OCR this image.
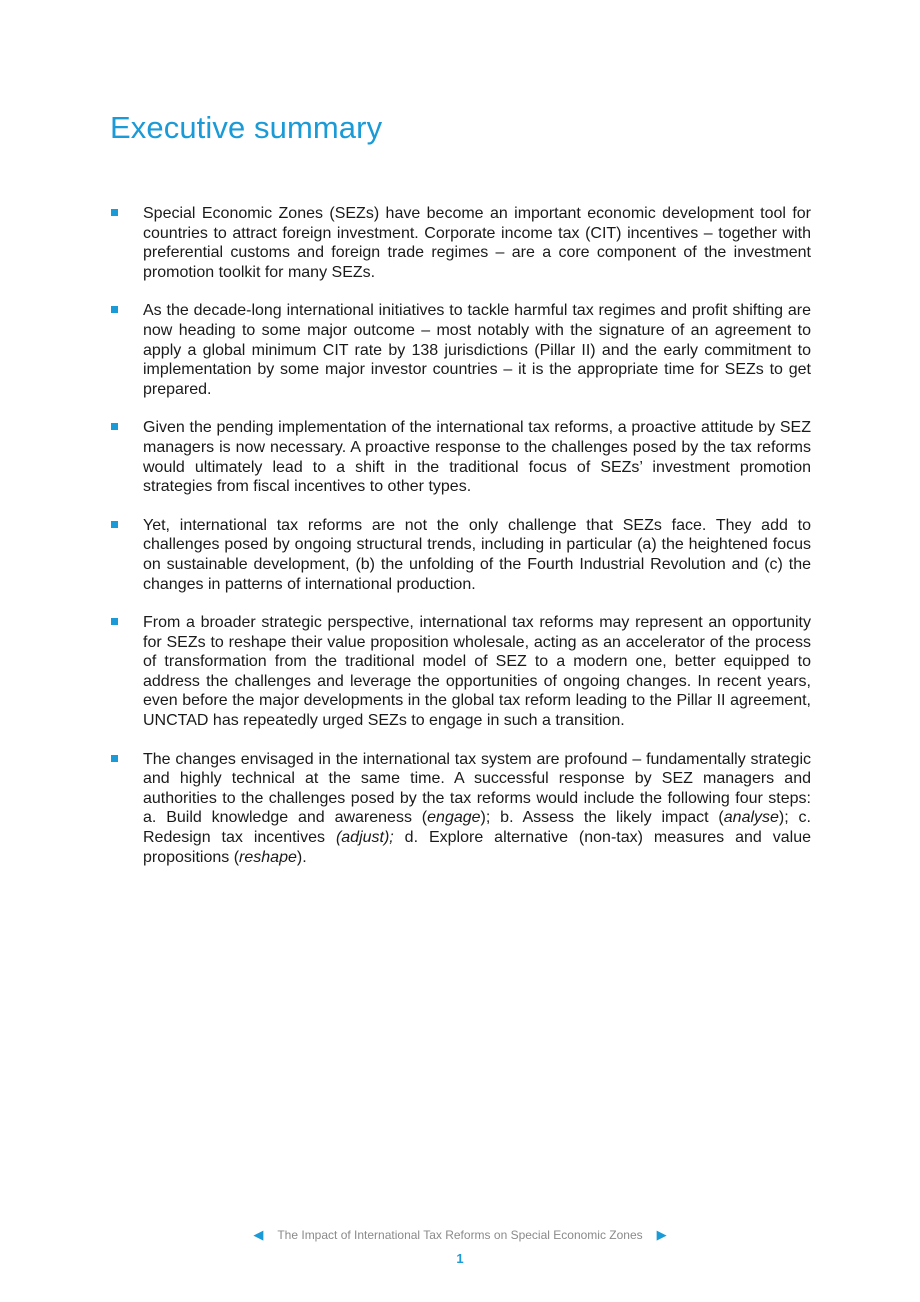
Executive summary
Special Economic Zones (SEZs) have become an important economic development tool for countries to attract foreign investment. Corporate income tax (CIT) incentives – together with preferential customs and foreign trade regimes – are a core component of the investment promotion toolkit for many SEZs.
As the decade-long international initiatives to tackle harmful tax regimes and profit shifting are now heading to some major outcome – most notably with the signature of an agreement to apply a global minimum CIT rate by 138 jurisdictions (Pillar II) and the early commitment to implementation by some major investor countries – it is the appropriate time for SEZs to get prepared.
Given the pending implementation of the international tax reforms, a proactive attitude by SEZ managers is now necessary. A proactive response to the challenges posed by the tax reforms would ultimately lead to a shift in the traditional focus of SEZs’ investment promotion strategies from fiscal incentives to other types.
Yet, international tax reforms are not the only challenge that SEZs face. They add to challenges posed by ongoing structural trends, including in particular (a) the heightened focus on sustainable development, (b) the unfolding of the Fourth Industrial Revolution and (c) the changes in patterns of international production.
From a broader strategic perspective, international tax reforms may represent an opportunity for SEZs to reshape their value proposition wholesale, acting as an accelerator of the process of transformation from the traditional model of SEZ to a modern one, better equipped to address the challenges and leverage the opportunities of ongoing changes. In recent years, even before the major developments in the global tax reform leading to the Pillar II agreement, UNCTAD has repeatedly urged SEZs to engage in such a transition.
The changes envisaged in the international tax system are profound – fundamentally strategic and highly technical at the same time. A successful response by SEZ managers and authorities to the challenges posed by the tax reforms would include the following four steps: a. Build knowledge and awareness (engage); b. Assess the likely impact (analyse); c. Redesign tax incentives (adjust); d. Explore alternative (non-tax) measures and value propositions (reshape).
◀ The Impact of International Tax Reforms on Special Economic Zones ▶
1
